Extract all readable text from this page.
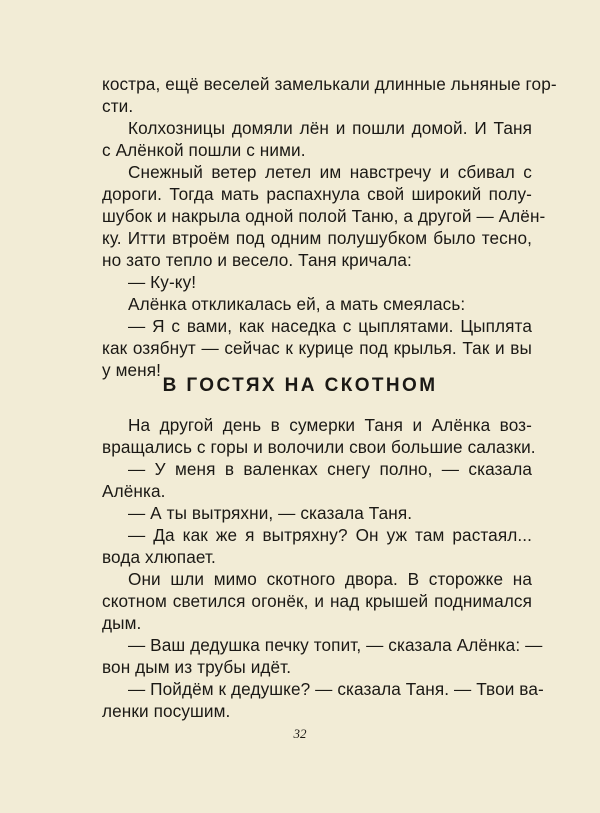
костра, ещё веселей замелькали длинные льняные гор-
сти.
Колхозницы домяли лён и пошли домой. И Таня
с Алёнкой пошли с ними.
Снежный ветер летел им навстречу и сбивал с
дороги. Тогда мать распахнула свой широкий полу-
шубок и накрыла одной полой Таню, а другой — Алён-
ку. Итти втроём под одним полушубком было тесно,
но зато тепло и весело. Таня кричала:
— Ку-ку!
Алёнка откликалась ей, а мать смеялась:
— Я с вами, как наседка с цыплятами. Цыплята
как озябнут — сейчас к курице под крылья. Так и вы
у меня!
В ГОСТЯХ НА СКОТНОМ
На другой день в сумерки Таня и Алёнка воз-
вращались с горы и волочили свои большие салазки.
— У меня в валенках снегу полно, — сказала
Алёнка.
— А ты вытряхни, — сказала Таня.
— Да как же я вытряхну? Он уж там растаял...
вода хлюпает.
Они шли мимо скотного двора. В сторожке на
скотном светился огонёк, и над крышей поднимался
дым.
— Ваш дедушка печку топит, — сказала Алёнка: —
вон дым из трубы идёт.
— Пойдём к дедушке? — сказала Таня. — Твои ва-
ленки посушим.
32
